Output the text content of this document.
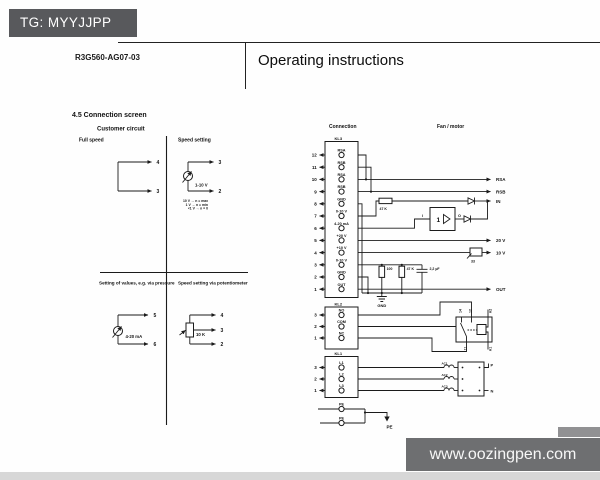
TG: MYYJJPP
R3G560-AG07-03	Operating instructions
4.5 Connection screen
Customer circuit
Full speed
4
3
Speed setting
3
2
1-10 V
10 V → n = max
1 V → n = min
<1 V → n = 0
Setting of values, e.g. via pressure
5
6
4-20 mA
Speed setting via potentiometer
4
3
2
10 K
Connection	Fan / motor
KL3
12
RSA
11
RSB
10
RSA
9
RSB
8
GND
7
0-10 V
6
4-20 mA
5
+20 V
4
+10 V
3
0-10 V
2
GND
1
OUT
RSA
RSB
47 K
IN
I
1
O
20 V
33
10 V
100	47 K	2,2 µF
GND
OUT
KL2
3
NO
2
COM
1
NC
14 12
11
A2
A1
KL1
3
L1
2
L2
1
L3
AC1
AC2
AC3
P
N
PE
PE
PE
www.oozingpen.com
